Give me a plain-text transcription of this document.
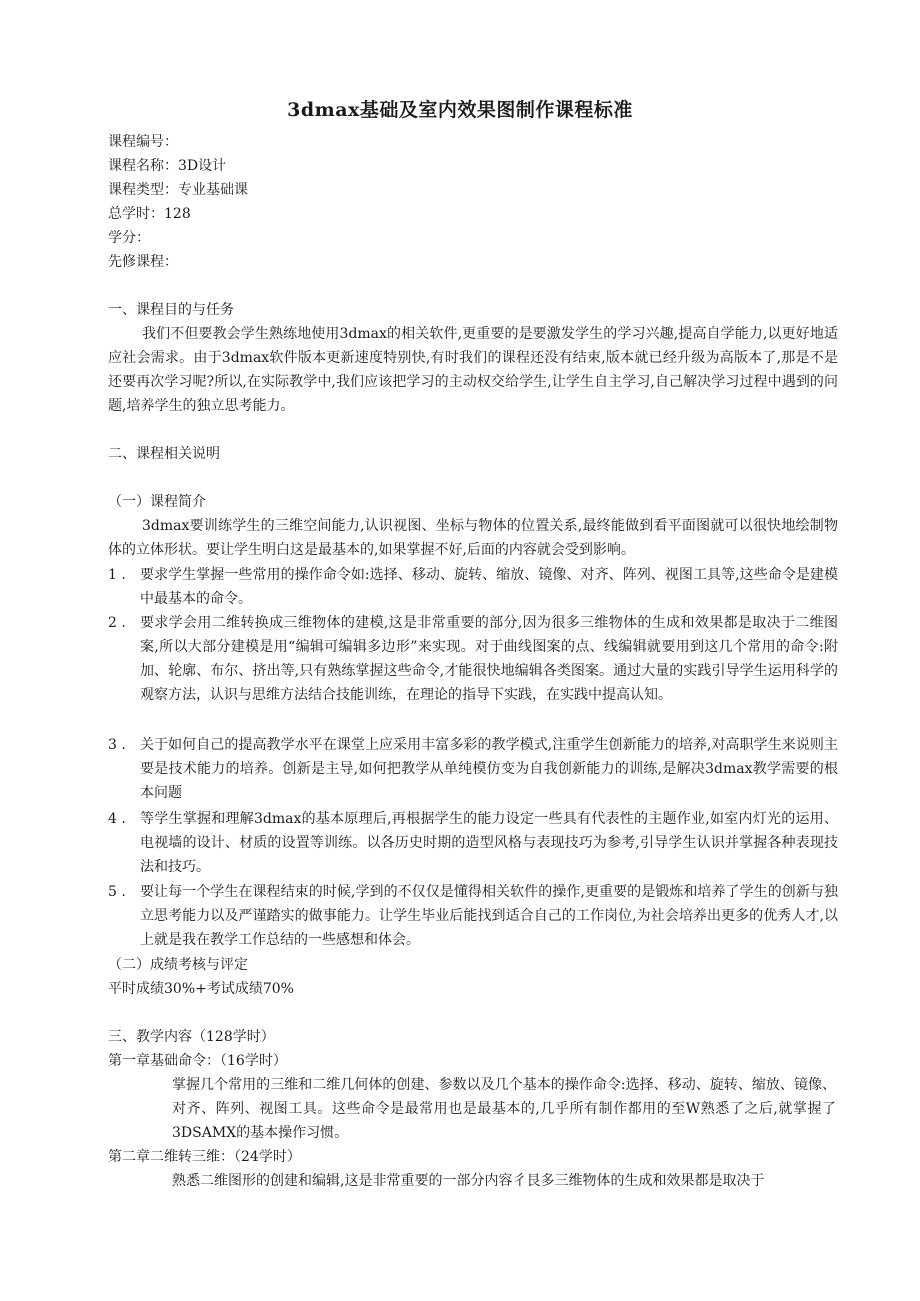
3dmax基础及室内效果图制作课程标准
课程编号：
课程名称：3D设计
课程类型：专业基础课
总学时：128
学分：
先修课程：
一、课程目的与任务
我们不但要教会学生熟练地使用3dmax的相关软件,更重要的是要激发学生的学习兴趣,提高自学能力,以更好地适应社会需求。由于3dmax软件版本更新速度特别快,有时我们的课程还没有结束,版本就已经升级为高版本了,那是不是还要再次学习呢?所以,在实际教学中,我们应该把学习的主动权交给学生,让学生自主学习,自己解决学习过程中遇到的问题,培养学生的独立思考能力。
二、课程相关说明
（一）课程简介
3dmax要训练学生的三维空间能力,认识视图、坐标与物体的位置关系,最终能做到看平面图就可以很快地绘制物体的立体形状。要让学生明白这是最基本的,如果掌握不好,后面的内容就会受到影响。
1 .	要求学生掌握一些常用的操作命令如:选择、移动、旋转、缩放、镜像、对齐、阵列、视图工具等,这些命令是建模中最基本的命令。
2 .	要求学会用二维转换成三维物体的建模,这是非常重要的部分,因为很多三维物体的生成和效果都是取决于二维图案,所以大部分建模是用“编辑可编辑多边形”来实现。对于曲线图案的点、线编辑就要用到这几个常用的命令:附加、轮廓、布尔、挤出等,只有熟练掌握这些命令,才能很快地编辑各类图案。通过大量的实践引导学生运用科学的观察方法，认识与思维方法结合技能训练，在理论的指导下实践，在实践中提高认知。
3 .	关于如何自己的提高教学水平在课堂上应采用丰富多彩的教学模式,注重学生创新能力的培养,对高职学生来说则主要是技术能力的培养。创新是主导,如何把教学从单纯模仿变为自我创新能力的训练,是解决3dmax教学需要的根本问题
4 .	等学生掌握和理解3dmax的基本原理后,再根据学生的能力设定一些具有代表性的主题作业,如室内灯光的运用、电视墙的设计、材质的设置等训练。以各历史时期的造型风格与表现技巧为参考,引导学生认识并掌握各种表现技法和技巧。
5 .	要让每一个学生在课程结束的时候,学到的不仅仅是懂得相关软件的操作,更重要的是锻炼和培养了学生的创新与独立思考能力以及严谨踏实的做事能力。让学生毕业后能找到适合自己的工作岗位,为社会培养出更多的优秀人才,以上就是我在教学工作总结的一些感想和体会。
（二）成绩考核与评定
平时成绩30%+考试成绩70%
三、教学内容（128学时）
第一章基础命令：（16学时）
掌握几个常用的三维和二维几何体的创建、参数以及几个基本的操作命令:选择、移动、旋转、缩放、镜像、对齐、阵列、视图工具。这些命令是最常用也是最基本的,几乎所有制作都用的至W熟悉了之后,就掌握了3DSAMX的基本操作习惯。
第二章二维转三维：（24学时）
熟悉二维图形的创建和编辑,这是非常重要的一部分内容彳艮多三维物体的生成和效果都是取决于
